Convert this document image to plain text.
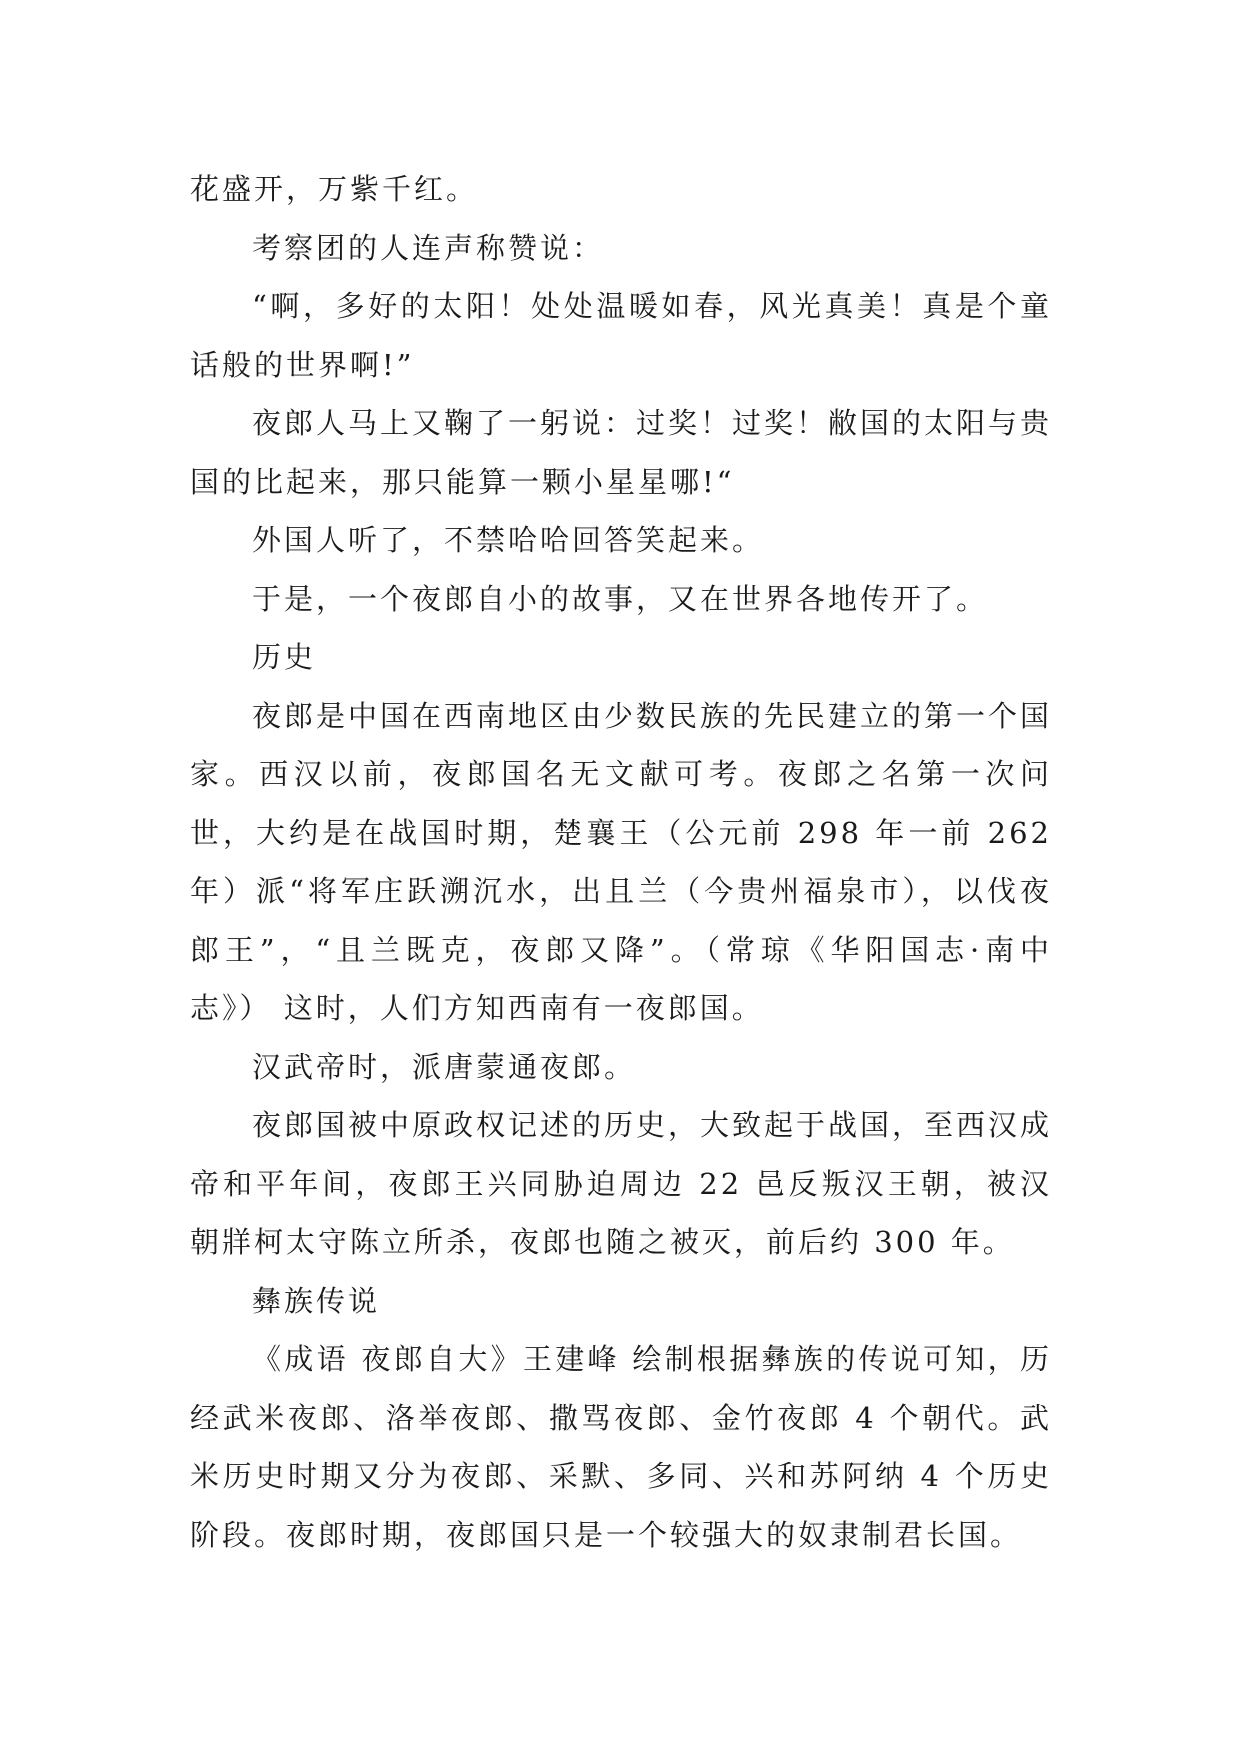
花盛开，万紫千红。

考察团的人连声称赞说：

“啊，多好的太阳！处处温暖如春，风光真美！真是个童话般的世界啊!”

夜郎人马上又鞠了一躬说：过奖！过奖！敝国的太阳与贵国的比起来，那只能算一颗小星星哪!“

外国人听了，不禁哈哈回答笑起来。

于是，一个夜郎自小的故事，又在世界各地传开了。

历史

夜郎是中国在西南地区由少数民族的先民建立的第一个国家。西汉以前，夜郎国名无文献可考。夜郎之名第一次问世，大约是在战国时期，楚襄王（公元前 298 年一前 262 年）派“将军庄跃溯沉水，出且兰（今贵州福泉市），以伐夜郎王”，“且兰既克，夜郎又降”。（常琼《华阳国志·南中志》） 这时，人们方知西南有一夜郎国。

汉武帝时，派唐蒙通夜郎。

夜郎国被中原政权记述的历史，大致起于战国，至西汉成帝和平年间，夜郎王兴同胁迫周边 22 邑反叛汉王朝，被汉朝牂柯太守陈立所杀，夜郎也随之被灭，前后约 300 年。

彝族传说

《成语 夜郎自大》王建峰 绘制根据彝族的传说可知，历经武米夜郎、洛举夜郎、撒骂夜郎、金竹夜郎 4 个朝代。武米历史时期又分为夜郎、采默、多同、兴和苏阿纳 4 个历史阶段。夜郎时期，夜郎国只是一个较强大的奴隶制君长国。
